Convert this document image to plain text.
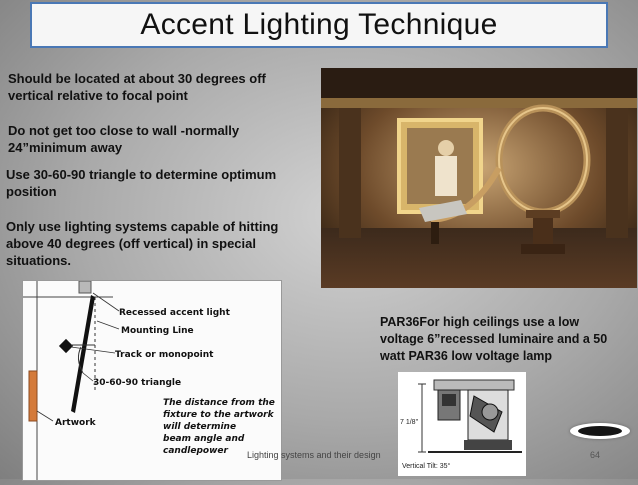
Accent Lighting Technique
Should be located at about 30 degrees off
vertical relative to focal point
Do not get too close to wall -normally
24”minimum away
Use 30-60-90 triangle to determine optimum
position
Only use lighting systems capable of hitting
above 40 degrees (off vertical) in special
situations.
Recessed accent light
Mounting Line
Track or monopoint
30-60-90 triangle
Artwork
The distance from the
fixture to the artwork
will determine
beam angle and
candlepower
PAR36For high ceilings use a low
voltage 6”recessed luminaire and a 50
watt PAR36 low voltage lamp
7 1/8"
Vertical Tilt: 35°
Lighting systems and their design	64
